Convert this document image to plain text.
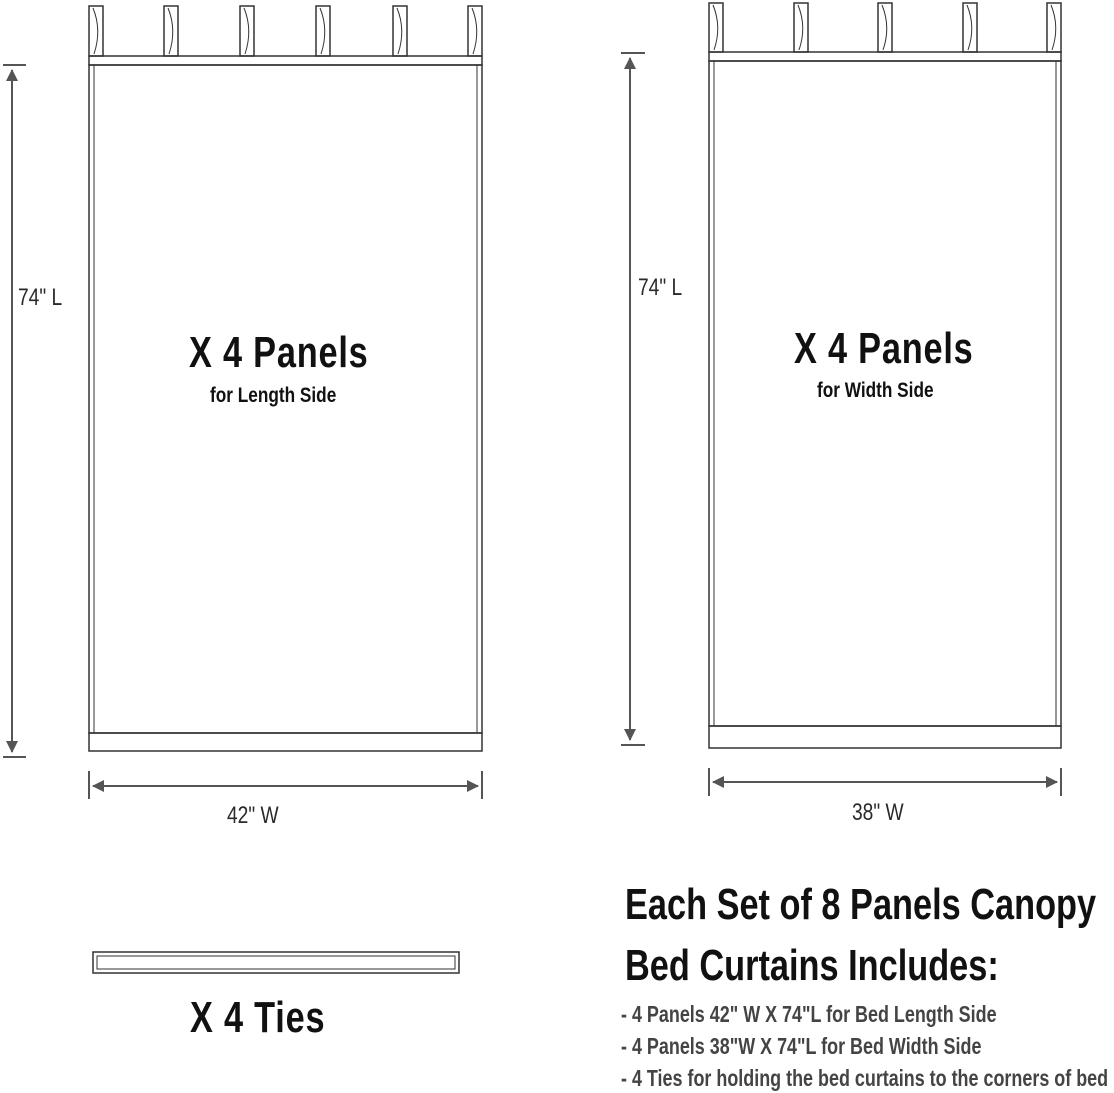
74" L
42" W
X 4 Panels
for Length Side
74" L
38" W
X 4 Panels
for Width Side
X 4 Ties
Each Set of 8 Panels Canopy
Bed Curtains Includes:
- 4 Panels 42" W X 74"L for Bed Length Side
- 4 Panels 38"W X 74"L for Bed Width Side
- 4 Ties for holding the bed curtains to the corners of bed
